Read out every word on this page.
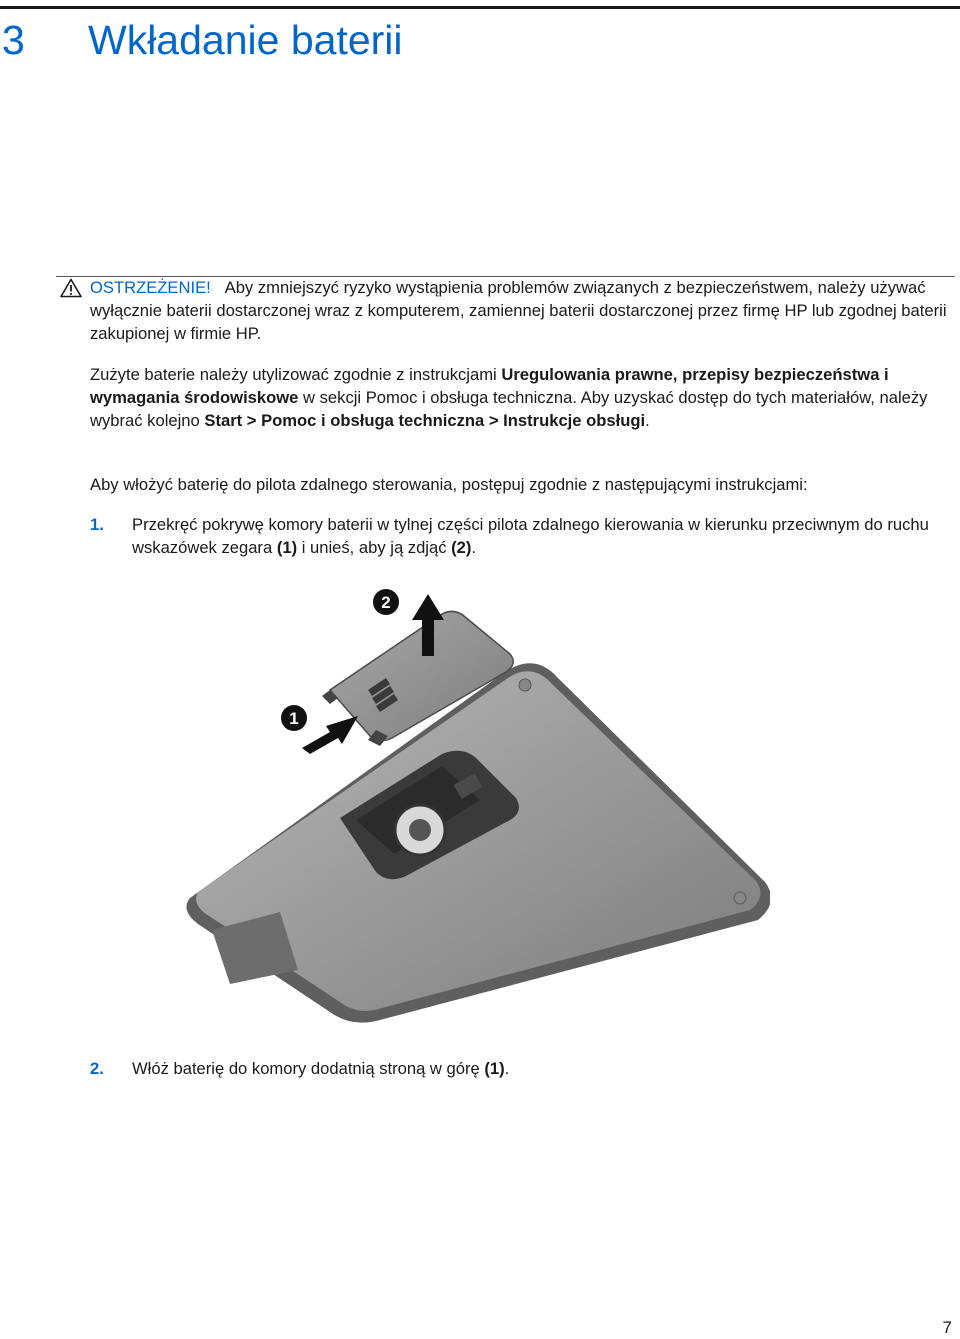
3 Wkładanie baterii
OSTRZEŻENIE! Aby zmniejszyć ryzyko wystąpienia problemów związanych z bezpieczeństwem, należy używać wyłącznie baterii dostarczonej wraz z komputerem, zamiennej baterii dostarczonej przez firmę HP lub zgodnej baterii zakupionej w firmie HP.
Zużyte baterie należy utylizować zgodnie z instrukcjami Uregulowania prawne, przepisy bezpieczeństwa i wymagania środowiskowe w sekcji Pomoc i obsługa techniczna. Aby uzyskać dostęp do tych materiałów, należy wybrać kolejno Start > Pomoc i obsługa techniczna > Instrukcje obsługi.
Aby włożyć baterię do pilota zdalnego sterowania, postępuj zgodnie z następującymi instrukcjami:
1. Przekręć pokrywę komory baterii w tylnej części pilota zdalnego kierowania w kierunku przeciwnym do ruchu wskazówek zegara (1) i unieś, aby ją zdjąć (2).
2
1
2. Włóż baterię do komory dodatnią stroną w górę (1).
7
